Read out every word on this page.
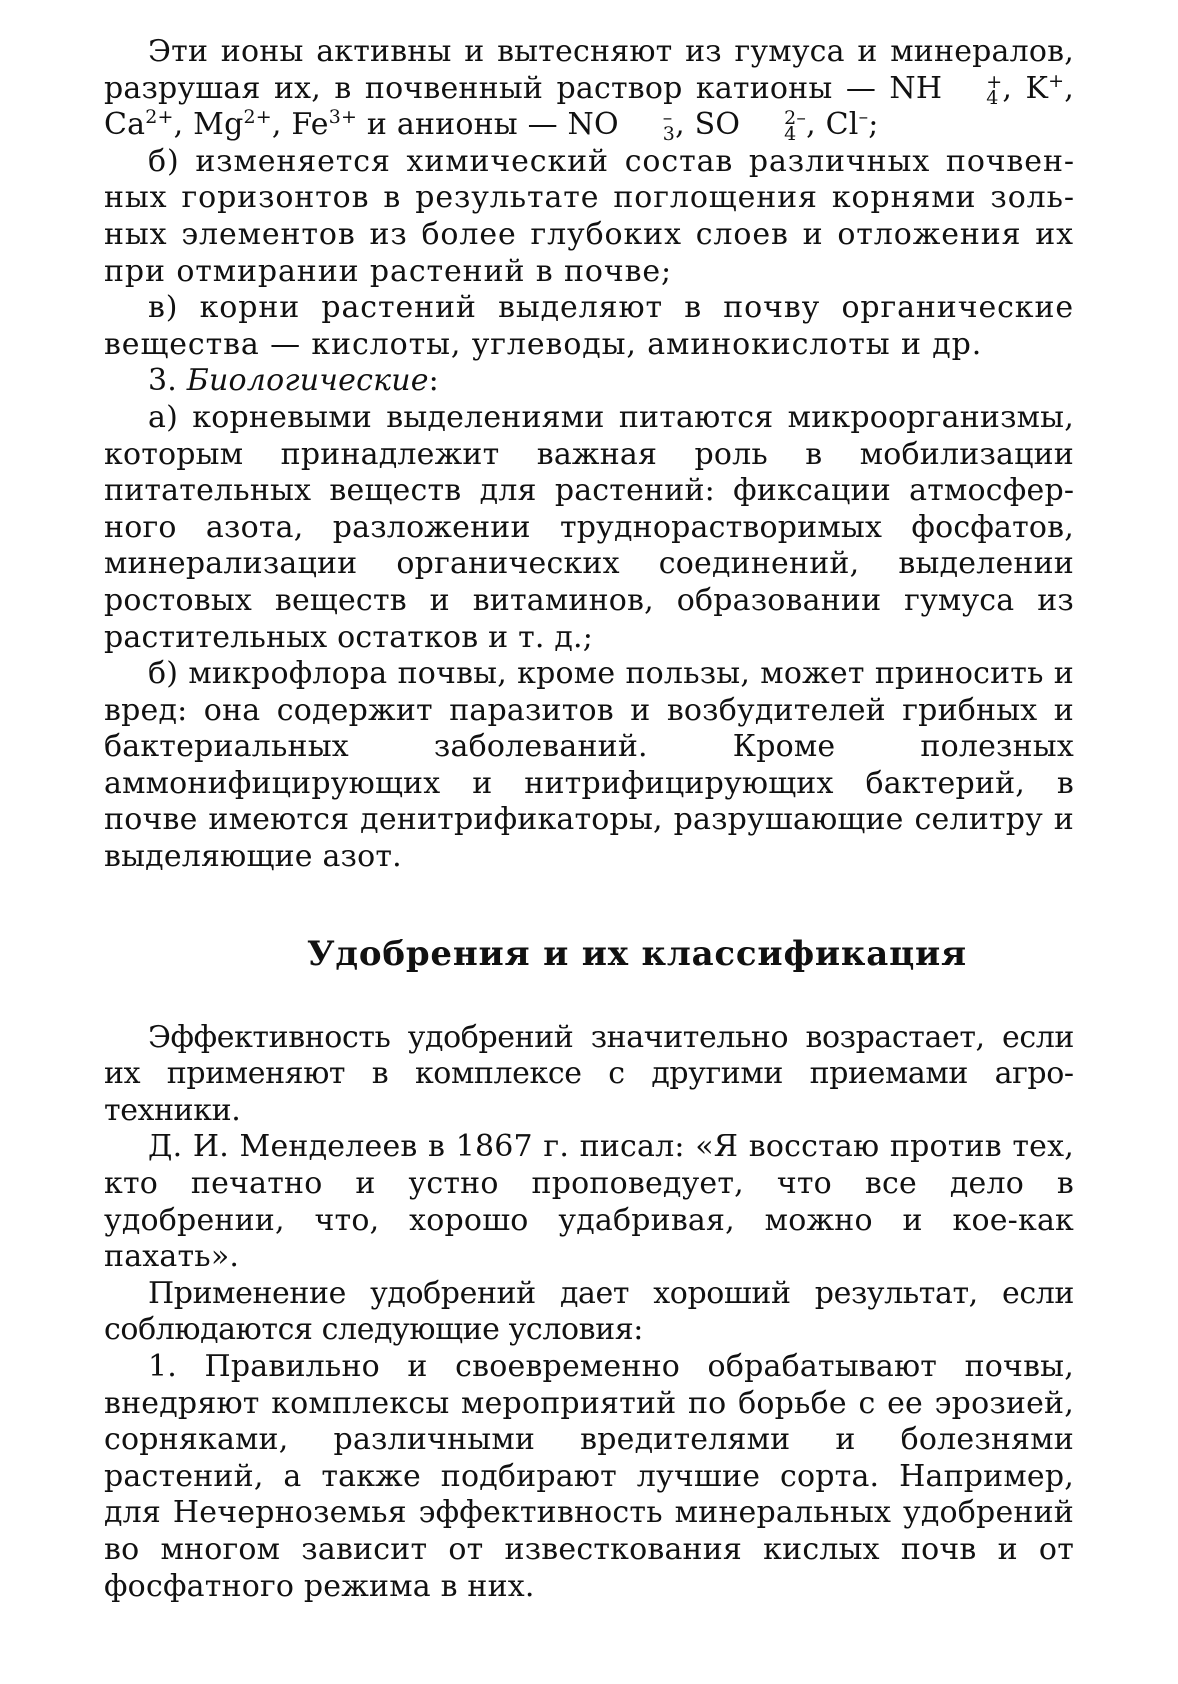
Эти ионы активны и вытесняют из гумуса и минералов, разрушая их, в почвенный раствор катионы — NH	+
4 , K+, $Ca^{2+}$, $Mg^{2+}$, $Fe^{3+}$ и анионы — NO	–
3 , SO	2–
4 , Cl–;

б) изменяется химический состав различных почвенных горизонтов в результате поглощения корнями зольных элементов из более глубоких слоев и отложения их при отмирании растений в почве;

в) корни растений выделяют в почву органические вещества — кислоты, углеводы, аминокислоты и др.

3. Биологические:

а) корневыми выделениями питаются микроорганизмы, которым принадлежит важная роль в мобилизации питательных веществ для растений: фиксации атмосферного азота, разложении труднорастворимых фосфатов, минерализации органических соединений, выделении ростовых веществ и витаминов, образовании гумуса из растительных остатков и т. д.;

б) микрофлора почвы, кроме пользы, может приносить и вред: она содержит паразитов и возбудителей грибных и бактериальных заболеваний. Кроме полезных аммонифицирующих и нитрифицирующих бактерий, в почве имеются денитрификаторы, разрушающие селитру и выделяющие азот.

Удобрения и их классификация

Эффективность удобрений значительно возрастает, если их применяют в комплексе с другими приемами агротехники.

Д. И. Менделеев в 1867 г. писал: «Я восстаю против тех, кто печатно и устно проповедует, что все дело в удобрении, что, хорошо удабривая, можно и кое-как пахать».

Применение удобрений дает хороший результат, если соблюдаются следующие условия:

1. Правильно и своевременно обрабатывают почвы, внедряют комплексы мероприятий по борьбе с ее эрозией, сорняками, различными вредителями и болезнями растений, а также подбирают лучшие сорта. Например, для Нечерноземья эффективность минеральных удобрений во многом зависит от известкования кислых почв и от фосфатного режима в них.
